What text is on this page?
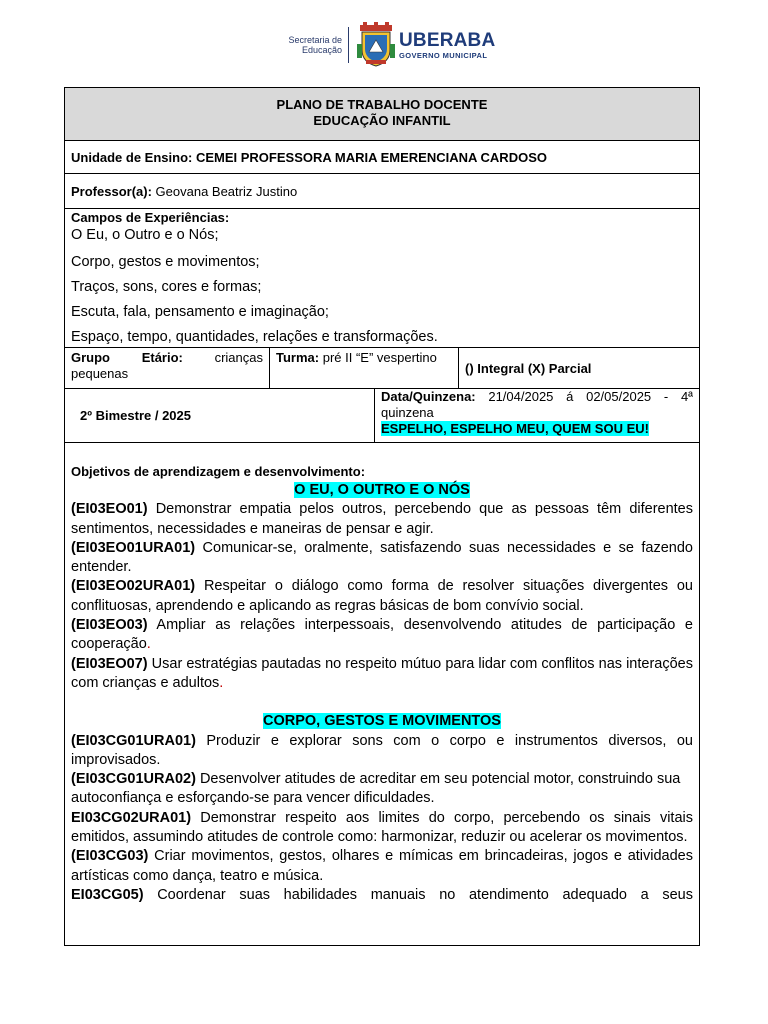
Secretaria de
Educação	UBERABA
GOVERNO MUNICIPAL
PLANO DE TRABALHO DOCENTE
EDUCAÇÃO INFANTIL
Unidade de Ensino: CEMEI PROFESSORA MARIA EMERENCIANA CARDOSO
Professor(a): Geovana Beatriz Justino
Campos de Experiências:
O Eu, o Outro e o Nós;
Corpo, gestos e movimentos;
Traços, sons, cores e formas;
Escuta, fala, pensamento e imaginação;
Espaço, tempo, quantidades, relações e transformações.
Grupo Etário: crianças pequenas
Turma: pré II “E” vespertino
() Integral (X) Parcial
2º Bimestre / 2025
Data/Quinzena: 21/04/2025 á 02/05/2025 - 4ª quinzena
ESPELHO, ESPELHO MEU, QUEM SOU EU!
Objetivos de aprendizagem e desenvolvimento:
O EU, O OUTRO E O NÓS

(EI03EO01) Demonstrar empatia pelos outros, percebendo que as pessoas têm diferentes sentimentos, necessidades e maneiras de pensar e agir.

(EI03EO01URA01) Comunicar-se, oralmente, satisfazendo suas necessidades e se fazendo entender.

(EI03EO02URA01) Respeitar o diálogo como forma de resolver situações divergentes ou conflituosas, aprendendo e aplicando as regras básicas de bom convívio social.

(EI03EO03) Ampliar as relações interpessoais, desenvolvendo atitudes de participação e cooperação.

(EI03EO07) Usar estratégias pautadas no respeito mútuo para lidar com conflitos nas interações com crianças e adultos.

CORPO, GESTOS E MOVIMENTOS

(EI03CG01URA01) Produzir e explorar sons com o corpo e instrumentos diversos, ou improvisados.

(EI03CG01URA02) Desenvolver atitudes de acreditar em seu potencial motor, construindo sua autoconfiança e esforçando-se para vencer dificuldades.

EI03CG02URA01) Demonstrar respeito aos limites do corpo, percebendo os sinais vitais emitidos, assumindo atitudes de controle como: harmonizar, reduzir ou acelerar os movimentos.

(EI03CG03) Criar movimentos, gestos, olhares e mímicas em brincadeiras, jogos e atividades artísticas como dança, teatro e música.

EI03CG05) Coordenar suas habilidades manuais no atendimento adequado a seus
